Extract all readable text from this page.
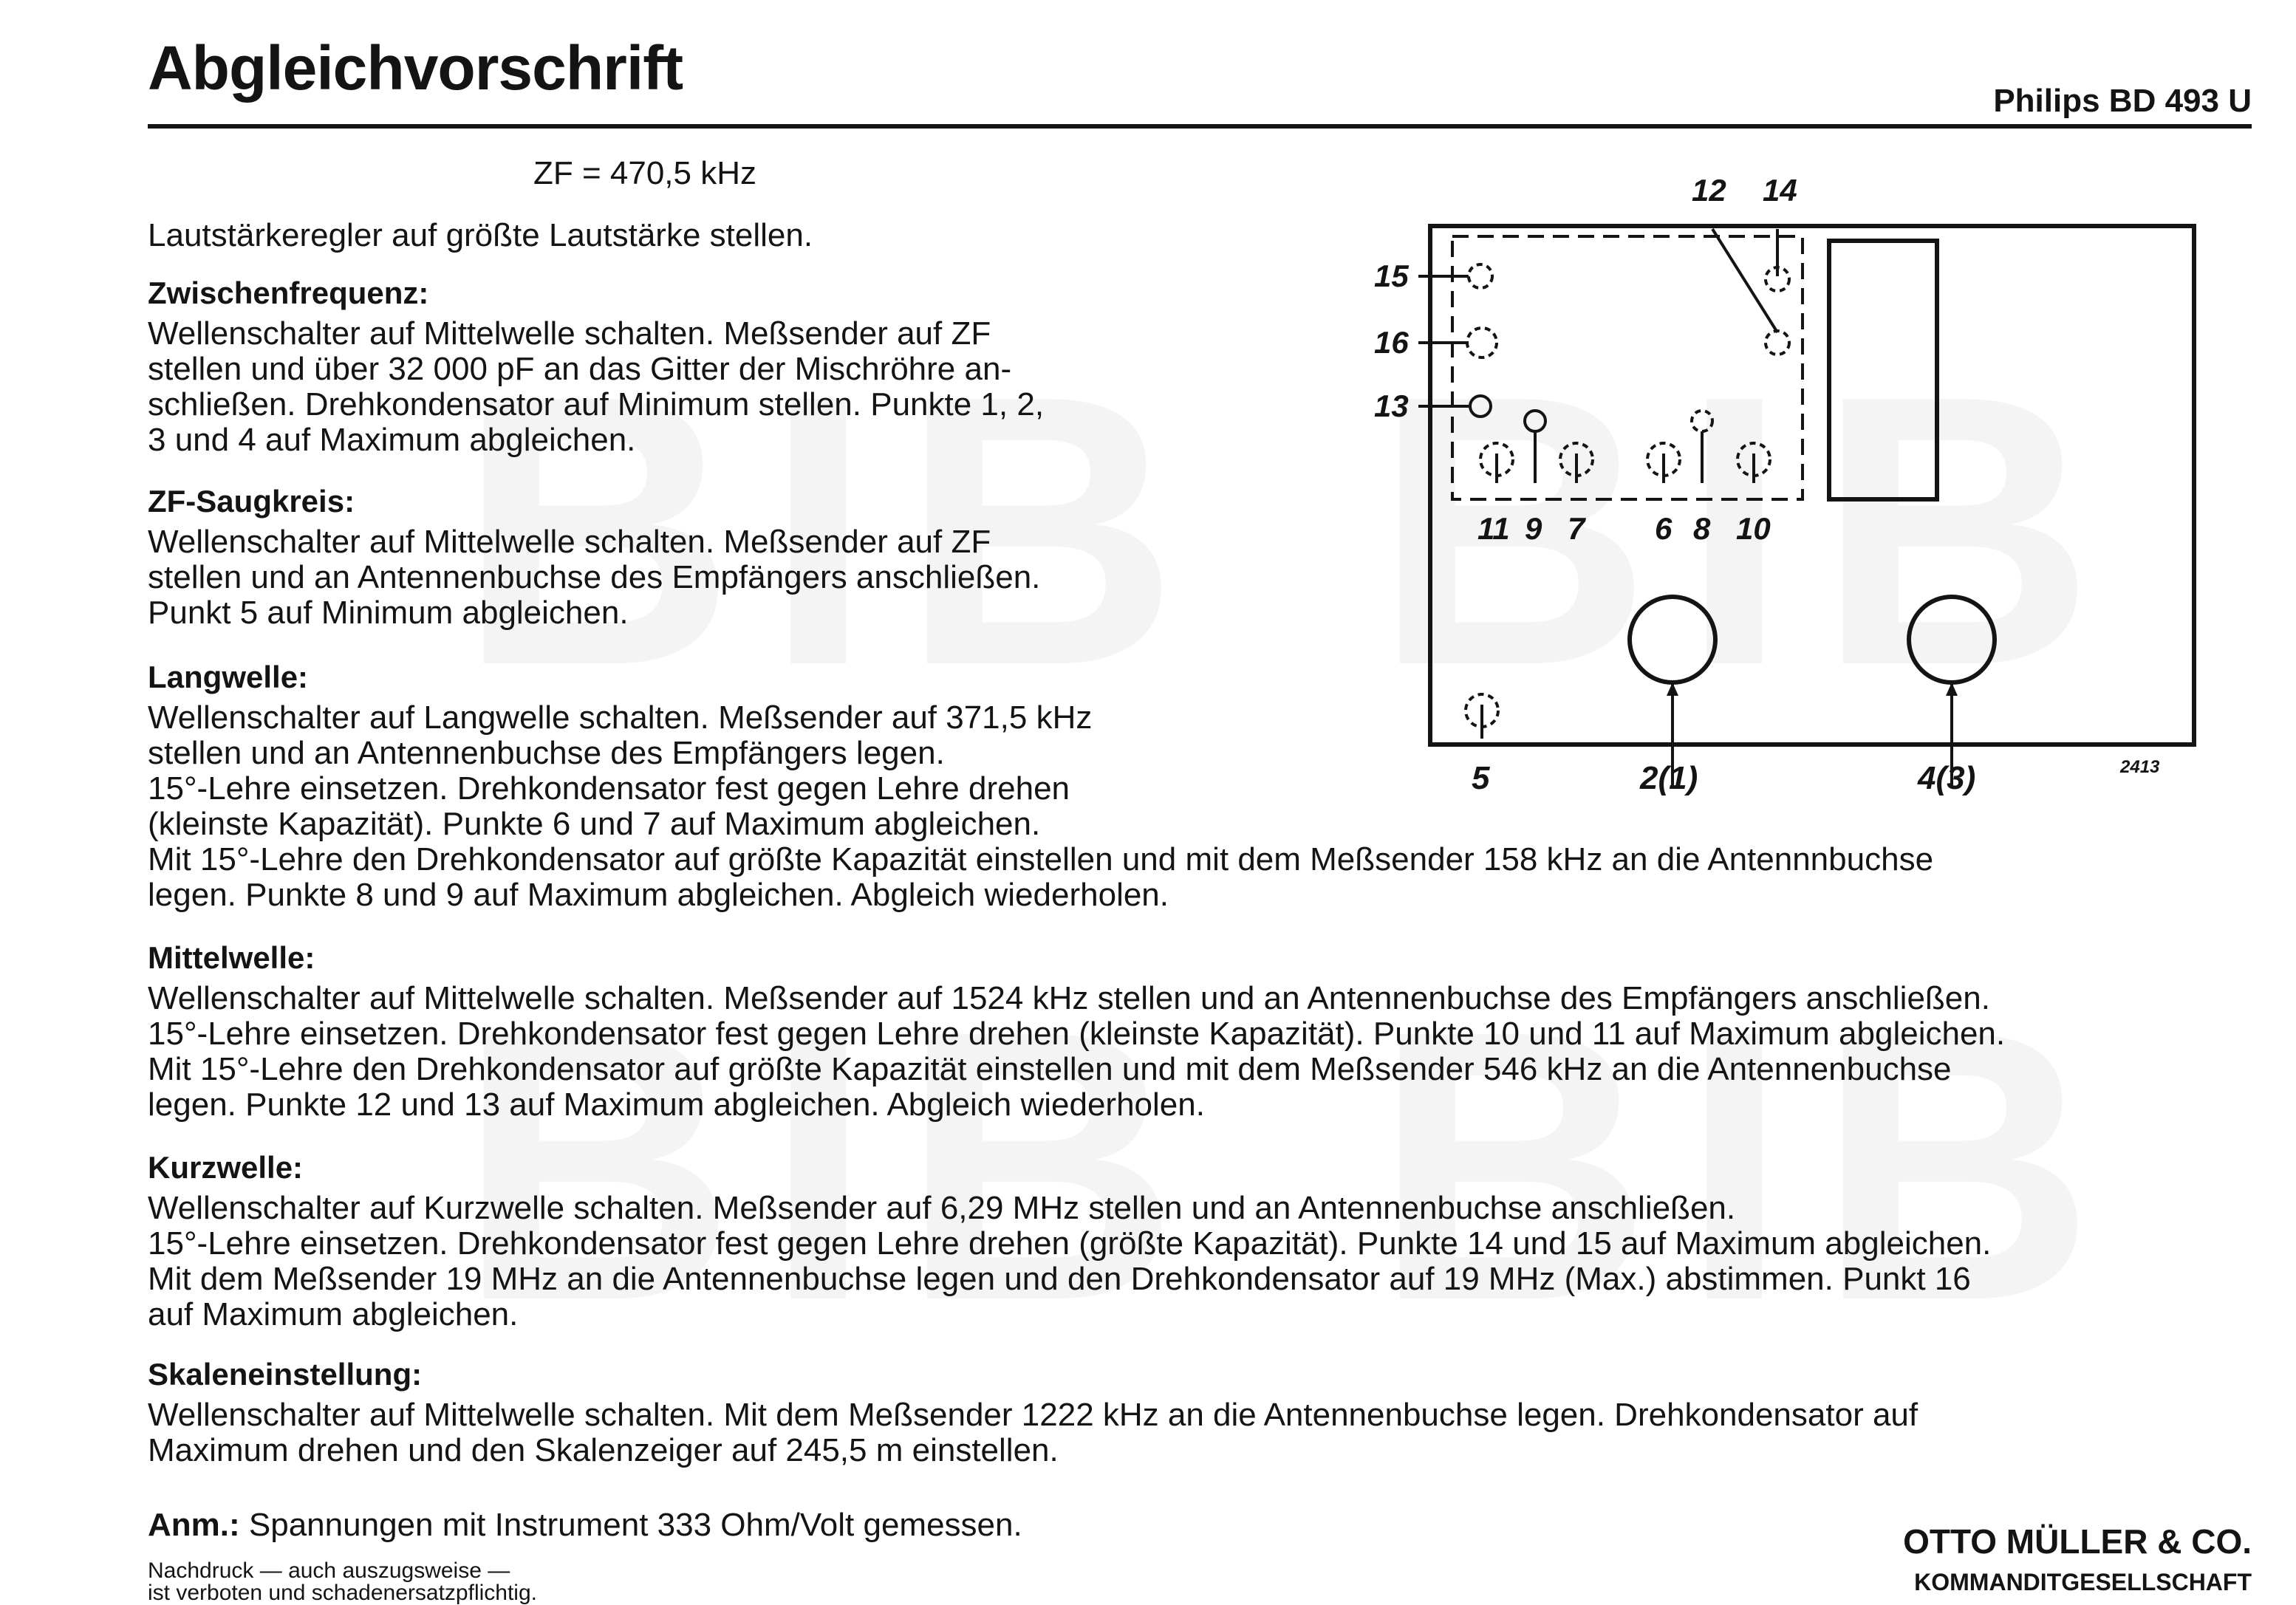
Abgleichvorschrift	Philips BD 493 U
ZF = 470,5 kHz
Lautstärkeregler auf größte Lautstärke stellen.

Zwischenfrequenz:

Wellenschalter auf Mittelwelle schalten. Meßsender auf ZF
stellen und über 32 000 pF an das Gitter der Mischröhre an-
schließen. Drehkondensator auf Minimum stellen. Punkte 1, 2,
3 und 4 auf Maximum abgleichen.

ZF-Saugkreis:

Wellenschalter auf Mittelwelle schalten. Meßsender auf ZF
stellen und an Antennenbuchse des Empfängers anschließen.
Punkt 5 auf Minimum abgleichen.

Langwelle:

Wellenschalter auf Langwelle schalten. Meßsender auf 371,5 kHz
stellen und an Antennenbuchse des Empfängers legen.
15°-Lehre einsetzen. Drehkondensator fest gegen Lehre drehen
(kleinste Kapazität). Punkte 6 und 7 auf Maximum abgleichen.

Mit 15°-Lehre den Drehkondensator auf größte Kapazität einstellen und mit dem Meßsender 158 kHz an die Antennnbuchse
legen. Punkte 8 und 9 auf Maximum abgleichen. Abgleich wiederholen.

Mittelwelle:

Wellenschalter auf Mittelwelle schalten. Meßsender auf 1524 kHz stellen und an Antennenbuchse des Empfängers anschließen.
15°-Lehre einsetzen. Drehkondensator fest gegen Lehre drehen (kleinste Kapazität). Punkte 10 und 11 auf Maximum abgleichen.
Mit 15°-Lehre den Drehkondensator auf größte Kapazität einstellen und mit dem Meßsender 546 kHz an die Antennenbuchse
legen. Punkte 12 und 13 auf Maximum abgleichen. Abgleich wiederholen.

Kurzwelle:

Wellenschalter auf Kurzwelle schalten. Meßsender auf 6,29 MHz stellen und an Antennenbuchse anschließen.
15°-Lehre einsetzen. Drehkondensator fest gegen Lehre drehen (größte Kapazität). Punkte 14 und 15 auf Maximum abgleichen.
Mit dem Meßsender 19 MHz an die Antennenbuchse legen und den Drehkondensator auf 19 MHz (Max.) abstimmen. Punkt 16
auf Maximum abgleichen.

Skaleneinstellung:

Wellenschalter auf Mittelwelle schalten. Mit dem Meßsender 1222 kHz an die Antennenbuchse legen. Drehkondensator auf
Maximum drehen und den Skalenzeiger auf 245,5 m einstellen.

Anm.: Spannungen mit Instrument 333 Ohm/Volt gemessen.
Nachdruck — auch auszugsweise —
ist verboten und schadenersatzpflichtig.
OTTO MÜLLER & CO.
KOMMANDITGESELLSCHAFT
12 14
15
16
13
11 9 7 6 8 10
5	2(1)	4(3)	2413
